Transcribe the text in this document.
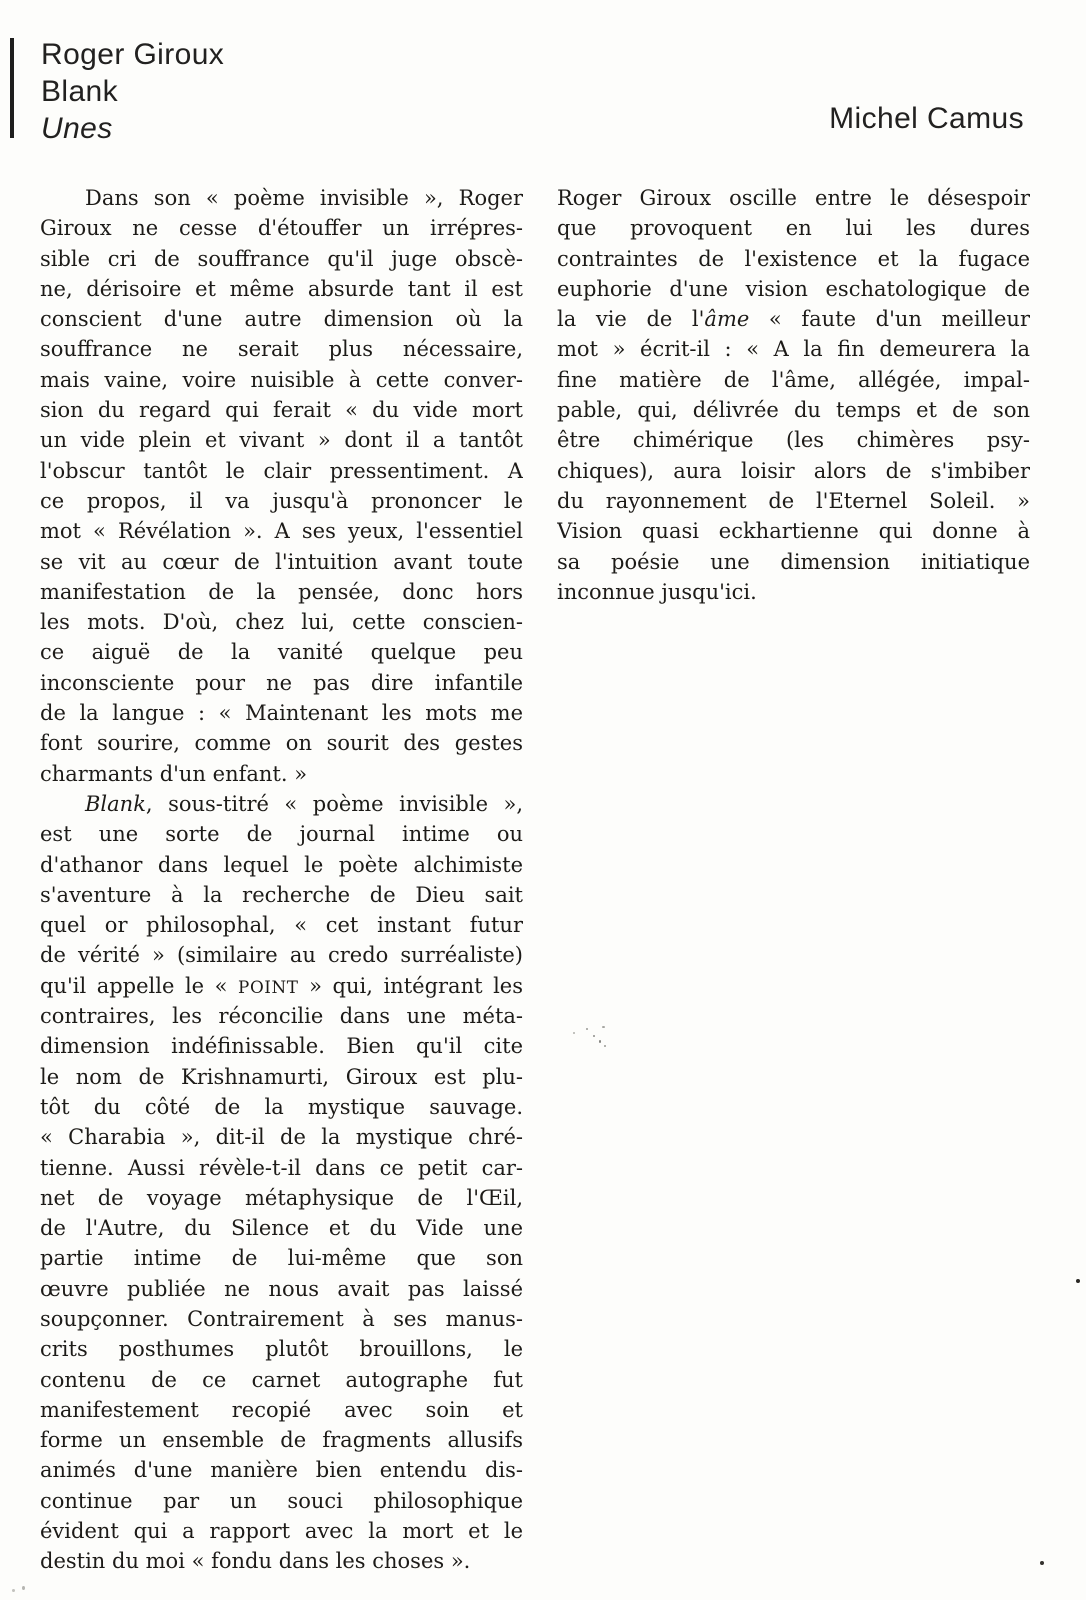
Roger Giroux
Blank
Unes	Michel Camus
Dans son « poème invisible », Roger
Giroux ne cesse d'étouffer un irrépres-
sible cri de souffrance qu'il juge obscè-
ne, dérisoire et même absurde tant il est
conscient d'une autre dimension où la
souffrance ne serait plus nécessaire,
mais vaine, voire nuisible à cette conver-
sion du regard qui ferait « du vide mort
un vide plein et vivant » dont il a tantôt
l'obscur tantôt le clair pressentiment. A
ce propos, il va jusqu'à prononcer le
mot « Révélation ». A ses yeux, l'essentiel
se vit au cœur de l'intuition avant toute
manifestation de la pensée, donc hors
les mots. D'où, chez lui, cette conscien-
ce aiguë de la vanité quelque peu
inconsciente pour ne pas dire infantile
de la langue : « Maintenant les mots me
font sourire, comme on sourit des gestes
charmants d'un enfant. »
Blank, sous-titré « poème invisible »,
est une sorte de journal intime ou
d'athanor dans lequel le poète alchimiste
s'aventure à la recherche de Dieu sait
quel or philosophal, « cet instant futur
de vérité » (similaire au credo surréaliste)
qu'il appelle le « POINT » qui, intégrant les
contraires, les réconcilie dans une méta-
dimension indéfinissable. Bien qu'il cite
le nom de Krishnamurti, Giroux est plu-
tôt du côté de la mystique sauvage.
« Charabia », dit-il de la mystique chré-
tienne. Aussi révèle-t-il dans ce petit car-
net de voyage métaphysique de l'Œil,
de l'Autre, du Silence et du Vide une
partie intime de lui-même que son
œuvre publiée ne nous avait pas laissé
soupçonner. Contrairement à ses manus-
crits posthumes plutôt brouillons, le
contenu de ce carnet autographe fut
manifestement recopié avec soin et
forme un ensemble de fragments allusifs
animés d'une manière bien entendu dis-
continue par un souci philosophique
évident qui a rapport avec la mort et le
destin du moi « fondu dans les choses ».
Roger Giroux oscille entre le désespoir
que provoquent en lui les dures
contraintes de l'existence et la fugace
euphorie d'une vision eschatologique de
la vie de l'âme « faute d'un meilleur
mot » écrit-il : « A la fin demeurera la
fine matière de l'âme, allégée, impal-
pable, qui, délivrée du temps et de son
être chimérique (les chimères psy-
chiques), aura loisir alors de s'imbiber
du rayonnement de l'Eternel Soleil. »
Vision quasi eckhartienne qui donne à
sa poésie une dimension initiatique
inconnue jusqu'ici.
